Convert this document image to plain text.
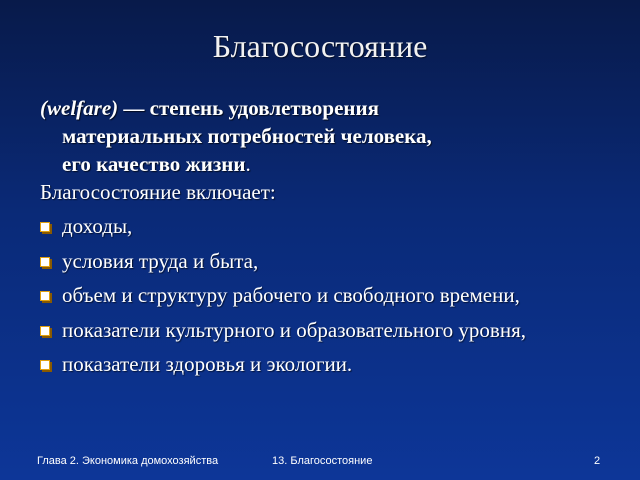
Благосостояние
(welfare) — степень удовлетворения
материальных потребностей человека,
его качество жизни.
Благосостояние включает:
доходы,
условия труда и быта,
объем и структуру рабочего и свободного времени,
показатели культурного и образовательного уровня,
показатели здоровья и экологии.
Глава 2. Экономика домохозяйства	13. Благосостояние	2
